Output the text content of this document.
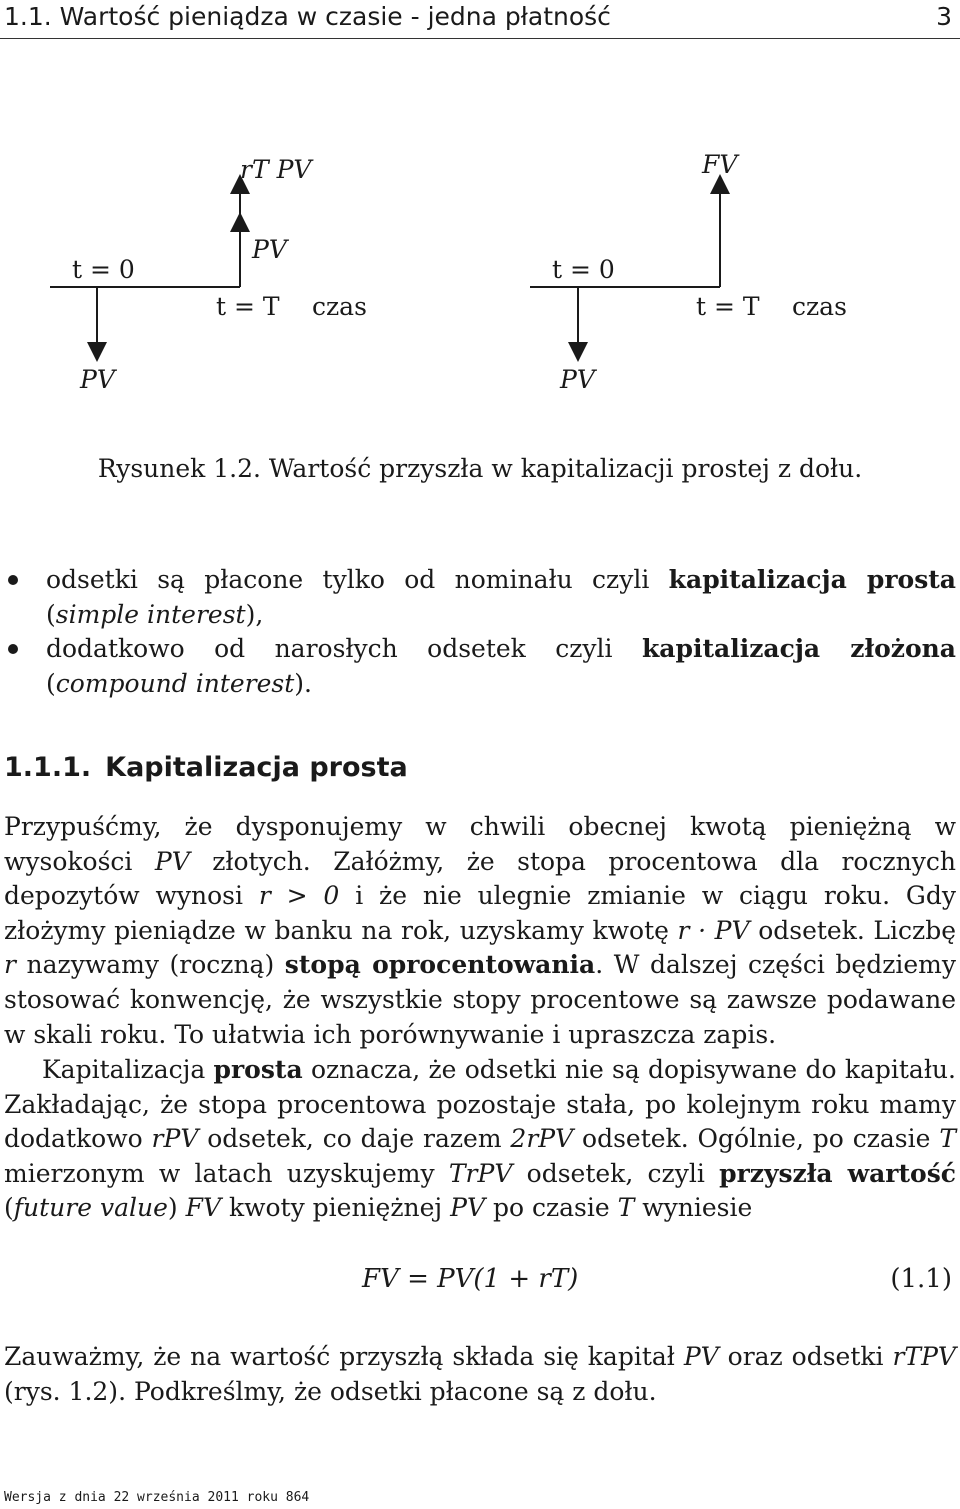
1.1. Wartość pieniądza w czasie - jedna płatność	3
t = 0
rT PV
PV
t = T czas
PV
t = 0
FV
t = T czas
PV
Rysunek 1.2. Wartość przyszła w kapitalizacji prostej z dołu.
odsetki są płacone tylko od nominału czyli kapitalizacja prosta (simple interest),
dodatkowo od narosłych odsetek czyli kapitalizacja złożona (compound interest).
1.1.1. Kapitalizacja prosta
Przypuśćmy, że dysponujemy w chwili obecnej kwotą pieniężną w wysokości PV złotych. Załóżmy, że stopa procentowa dla rocznych depozytów wynosi r > 0 i że nie ulegnie zmianie w ciągu roku. Gdy złożymy pieniądze w banku na rok, uzyskamy kwotę r · PV odsetek. Liczbę r nazywamy (roczną) stopą oprocentowania. W dalszej części będziemy stosować konwencję, że wszystkie stopy procentowe są zawsze podawane w skali roku. To ułatwia ich porównywanie i upraszcza zapis.
Kapitalizacja prosta oznacza, że odsetki nie są dopisywane do kapitału. Zakładając, że stopa procentowa pozostaje stała, po kolejnym roku mamy dodatkowo rPV odsetek, co daje razem 2rPV odsetek. Ogólnie, po czasie T mierzonym w latach uzyskujemy TrPV odsetek, czyli przyszła wartość (future value) FV kwoty pieniężnej PV po czasie T wyniesie
FV = PV(1 + rT)	(1.1)
Zauważmy, że na wartość przyszłą składa się kapitał PV oraz odsetki rTPV (rys. 1.2). Podkreślmy, że odsetki płacone są z dołu.
Wersja z dnia 22 września 2011 roku 864
